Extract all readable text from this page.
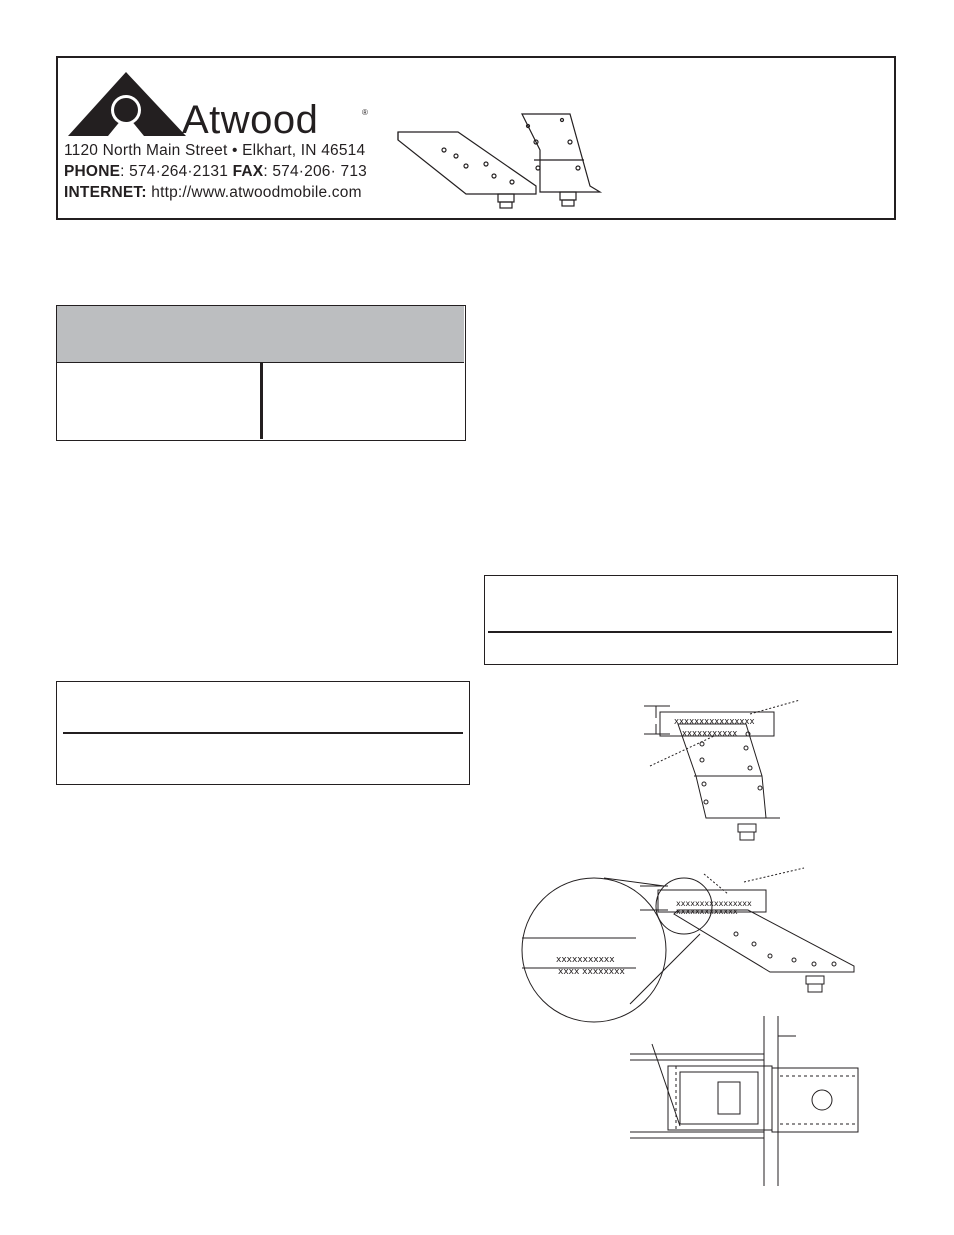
Atwood	®
1120 North Main Street • Elkhart, IN 46514
PHONE: 574·264·2131 FAX: 574·206· 713
INTERNET: http://www.atwoodmobile.com
xxxxxxxxxxxxxxxx
xxxxxxxxxxx
xxxxxxxxxxx
xxxx xxxxxxxx
xxxxxxxxxxxxxxxx
xxxxxxxxxxxxx
